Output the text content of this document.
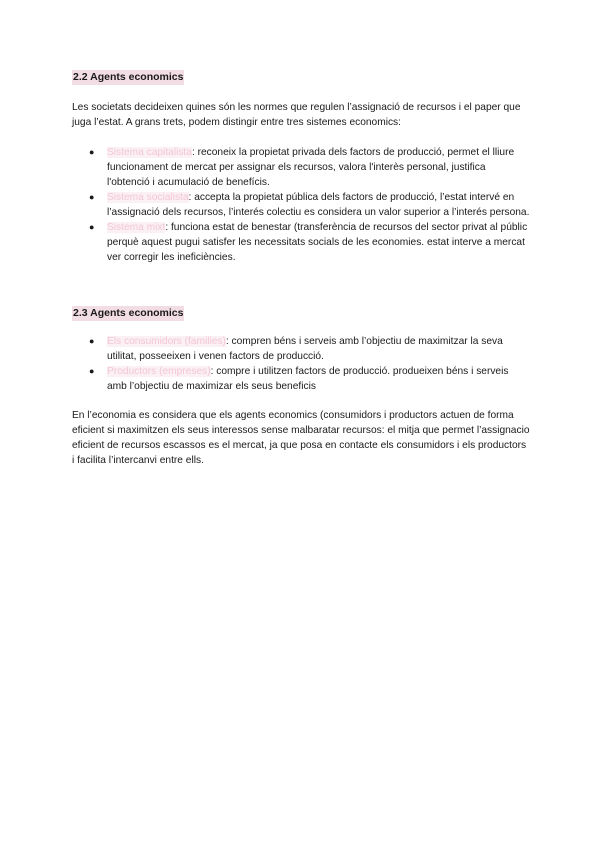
2.2 Agents economics

Les societats decideixen quines són les normes que regulen l’assignació de recursos i el paper que juga l’estat. A grans trets, podem distingir entre tres sistemes economics:

● Sistema capitalista: reconeix la propietat privada dels factors de producció, permet el lliure funcionament de mercat per assignar els recursos, valora l'interès personal, justifica l'obtenció i acumulació de benefícis.
● Sistema socialista: accepta la propietat pública dels factors de producció, l’estat intervé en l’assignació dels recursos, l’interés colectiu es considera un valor superior a l’interés persona.
● Sistema mixt: funciona estat de benestar (transferència de recursos del sector privat al públic perquè aquest pugui satisfer les necessitats socials de les economies. estat interve a mercat ver corregir les ineficiències.
2.3 Agents economics
● Els consumidors (families): compren béns i serveis amb l’objectiu de maximitzar la seva utilitat, posseeixen i venen factors de producció.
● Productors (empreses): compre i utilitzen factors de producció. produeixen béns i serveis amb l’objectiu de maximizar els seus beneficis

En l’economia es considera que els agents economics (consumidors i productors actuen de forma eficient si maximitzen els seus interessos sense malbaratar recursos: el mitja que permet l’assignacio eficient de recursos escassos es el mercat, ja que posa en contacte els consumidors i els productors i facilita l’intercanvi entre ells.
